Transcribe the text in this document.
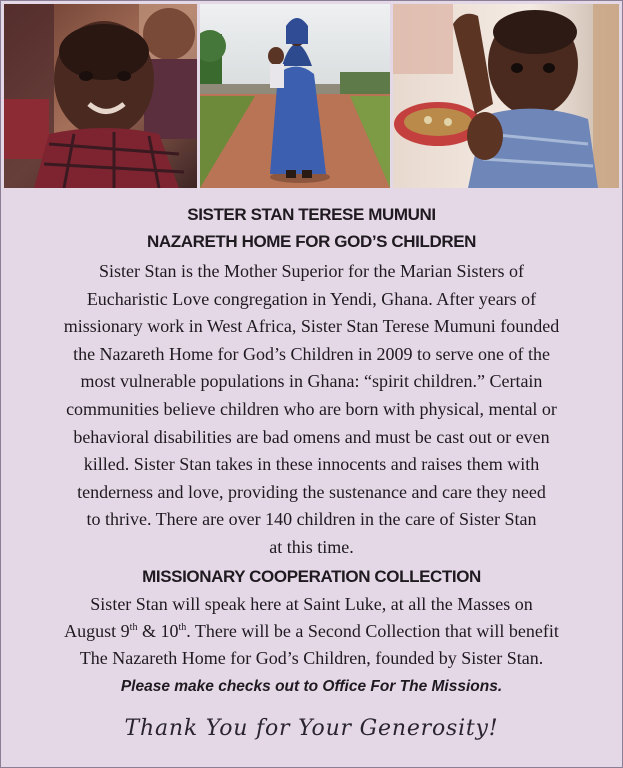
SISTER STAN TERESE MUMUNI

NAZARETH HOME FOR GOD’S CHILDREN

Sister Stan is the Mother Superior for the Marian Sisters of
Eucharistic Love congregation in Yendi, Ghana. After years of
missionary work in West Africa, Sister Stan Terese Mumuni founded
the Nazareth Home for God’s Children in 2009 to serve one of the
most vulnerable populations in Ghana: “spirit children.” Certain
communities believe children who are born with physical, mental or
behavioral disabilities are bad omens and must be cast out or even
killed. Sister Stan takes in these innocents and raises them with
tenderness and love, providing the sustenance and care they need
to thrive. There are over 140 children in the care of Sister Stan
at this time.

MISSIONARY COOPERATION COLLECTION

Sister Stan will speak here at Saint Luke, at all the Masses on
August 9th & 10th. There will be a Second Collection that will benefit
The Nazareth Home for God’s Children, founded by Sister Stan.
Please make checks out to Office For The Missions.
Thank You for Your Generosity!
